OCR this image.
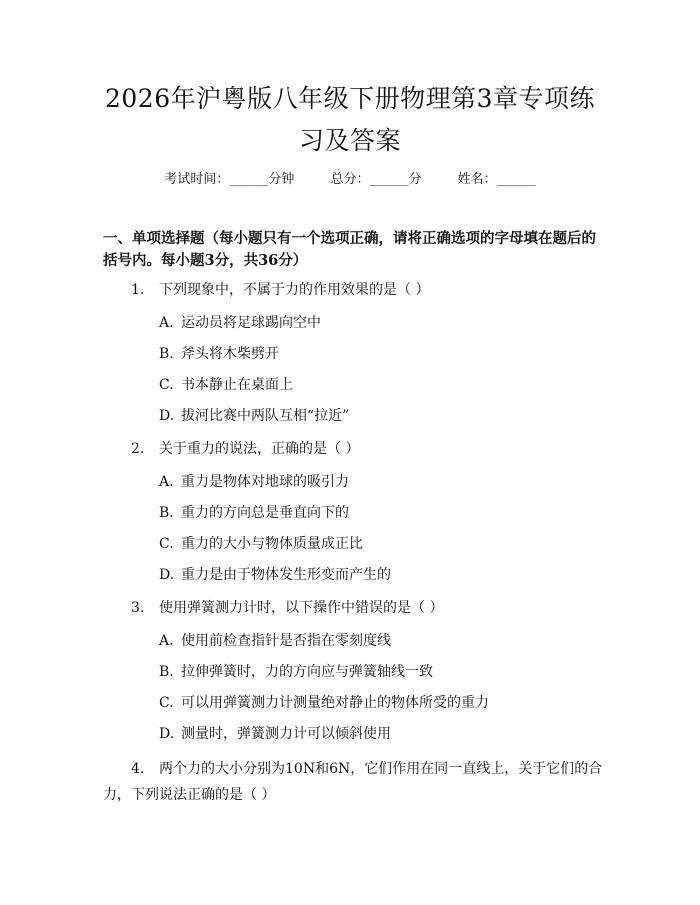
2026年沪粤版八年级下册物理第3章专项练
习及答案
考试时间：______分钟	总分：______分	姓名：______

一、单项选择题（每小题只有一个选项正确，请将正确选项的字母填在题后的括号内。每小题3分，共36分）

1. 下列现象中，不属于力的作用效果的是（ ）
A. 运动员将足球踢向空中
B. 斧头将木柴劈开
C. 书本静止在桌面上
D. 拔河比赛中两队互相“拉近”
2. 关于重力的说法，正确的是（ ）
A. 重力是物体对地球的吸引力
B. 重力的方向总是垂直向下的
C. 重力的大小与物体质量成正比
D. 重力是由于物体发生形变而产生的
3. 使用弹簧测力计时，以下操作中错误的是（ ）
A. 使用前检查指针是否指在零刻度线
B. 拉伸弹簧时，力的方向应与弹簧轴线一致
C. 可以用弹簧测力计测量绝对静止的物体所受的重力
D. 测量时，弹簧测力计可以倾斜使用
4. 两个力的大小分别为10N和6N，它们作用在同一直线上，关于它们的合力，下列说法正确的是（ ）
